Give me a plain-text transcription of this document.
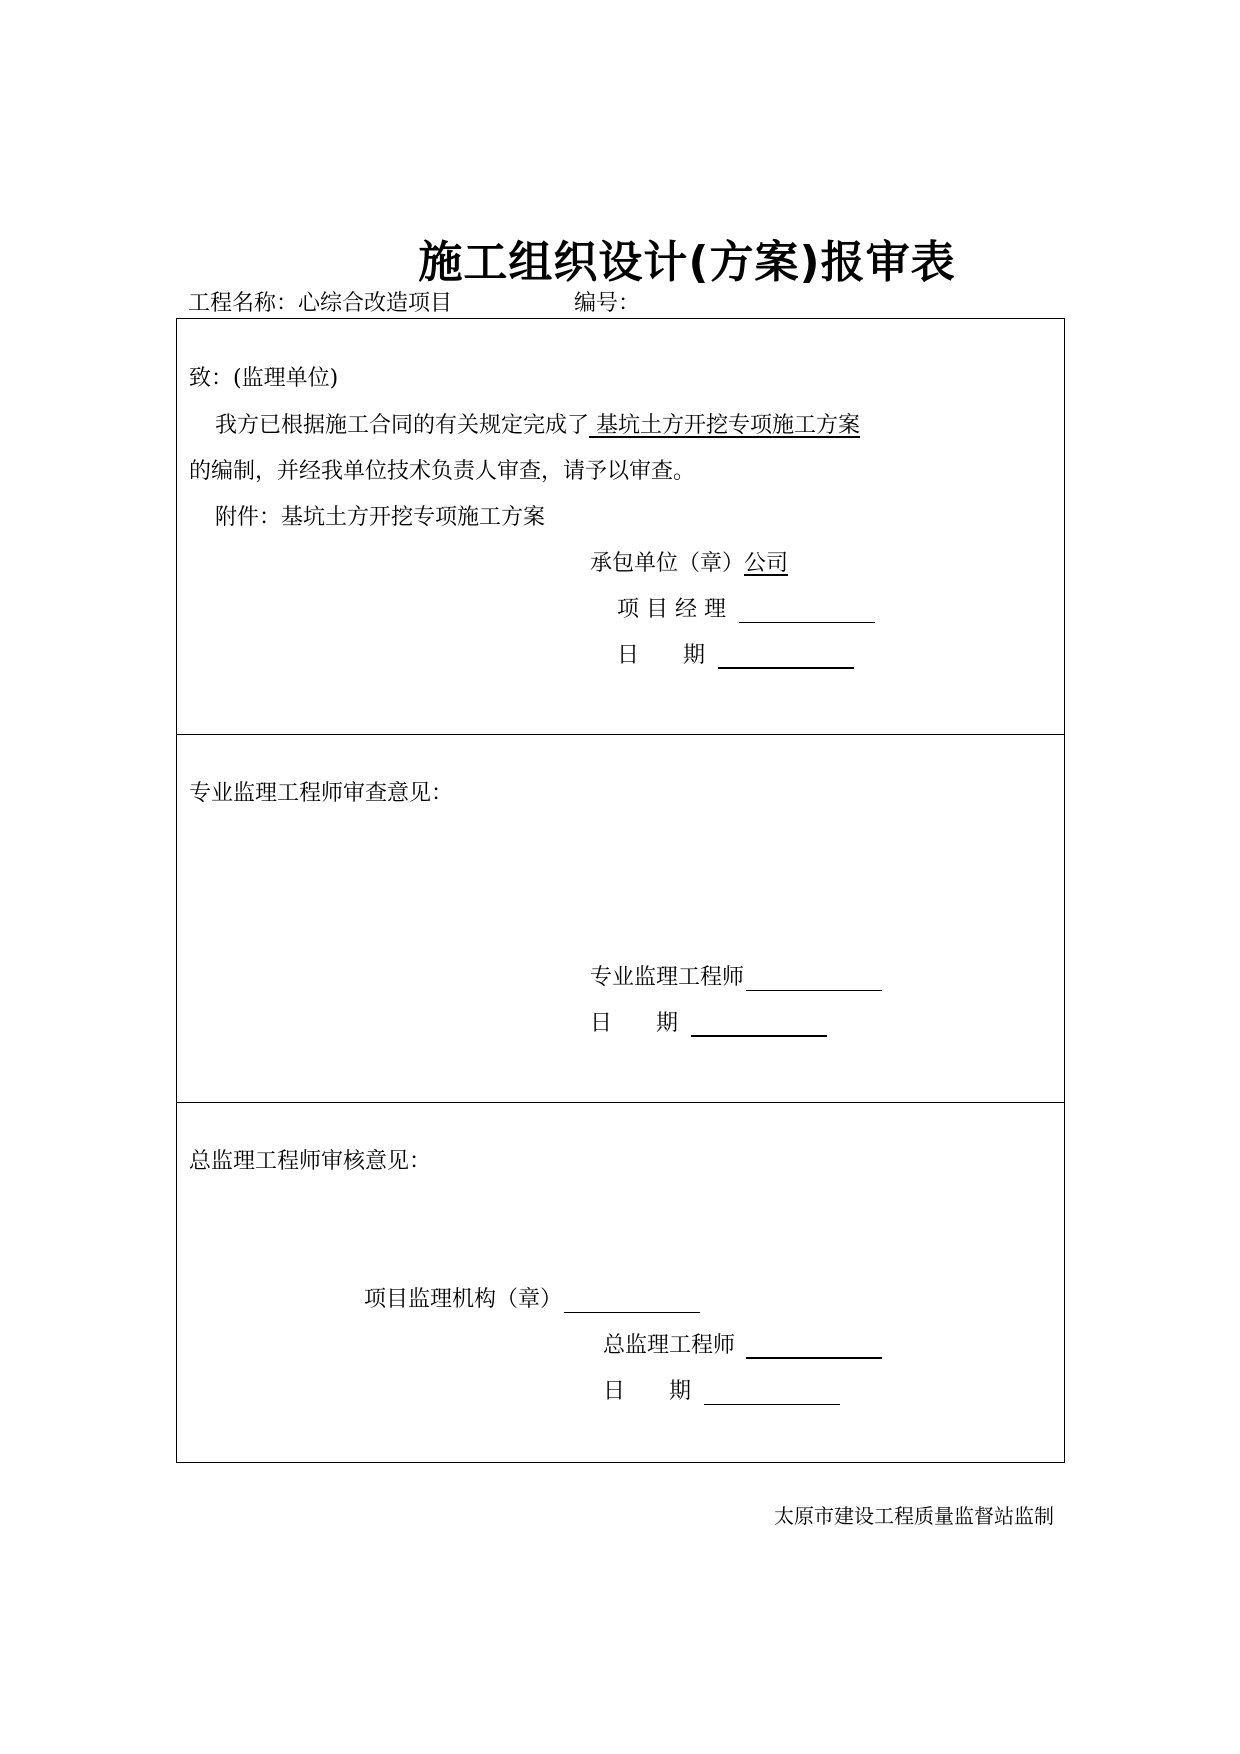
施工组织设计(方案)报审表
工程名称：心综合改造项目	编号：
致：(监理单位)
我方已根据施工合同的有关规定完成了 基坑土方开挖专项施工方案
的编制，并经我单位技术负责人审查，请予以审查。
附件：基坑土方开挖专项施工方案
承包单位（章）公司
项 目 经 理
日　　期
专业监理工程师审查意见：
专业监理工程师
日　　期
总监理工程师审核意见：
项目监理机构（章）
总监理工程师
日　　期
太原市建设工程质量监督站监制
